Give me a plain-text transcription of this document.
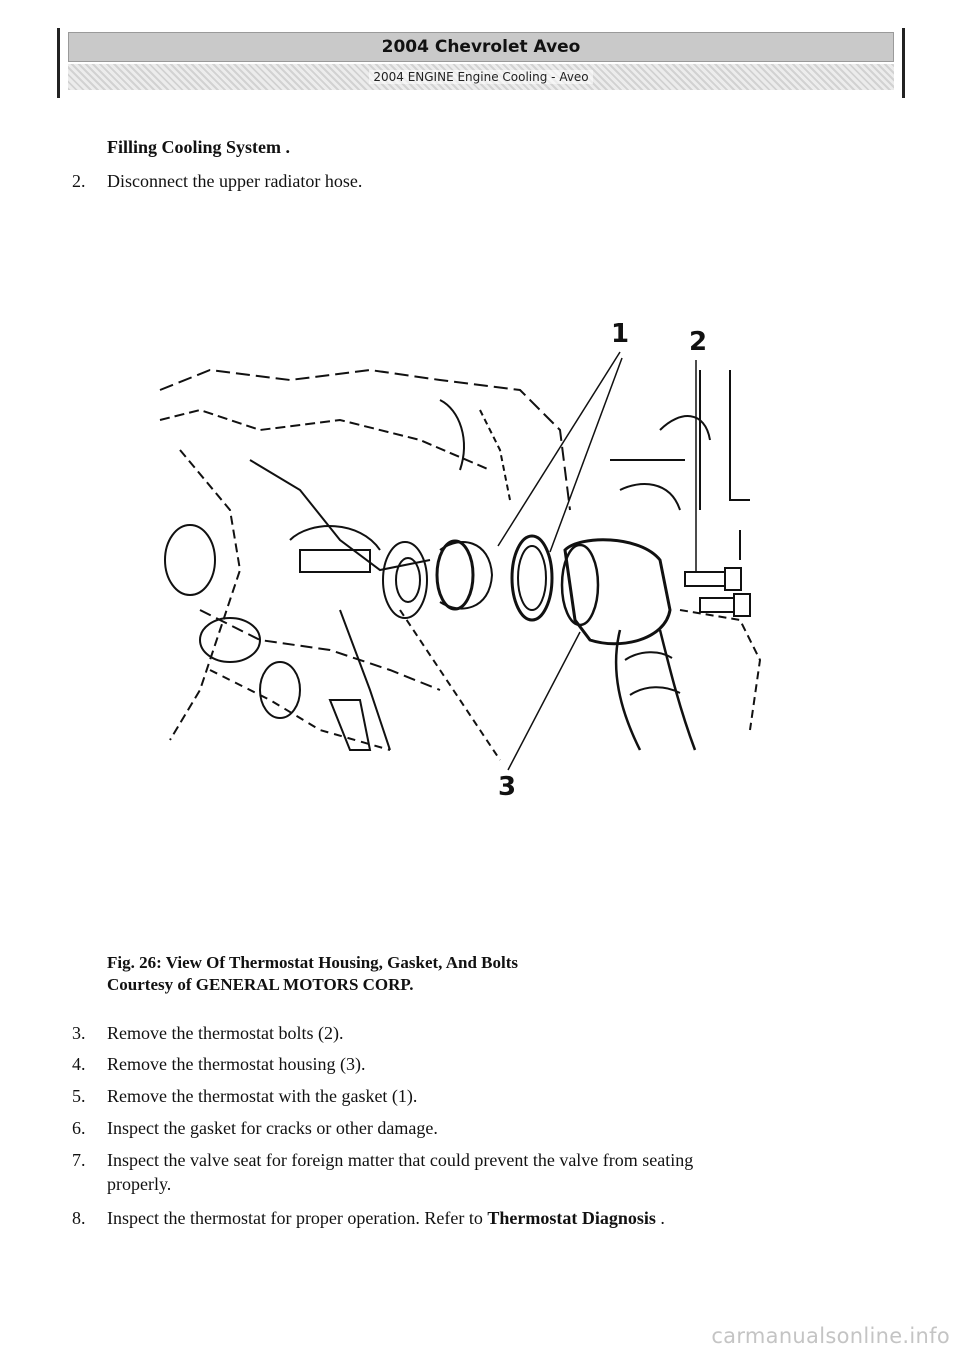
2004 Chevrolet Aveo
2004 ENGINE Engine Cooling - Aveo
Filling Cooling System .
2. Disconnect the upper radiator hose.
1 2
3
Fig. 26: View Of Thermostat Housing, Gasket, And Bolts
Courtesy of GENERAL MOTORS CORP.
3. Remove the thermostat bolts (2).
4. Remove the thermostat housing (3).
5. Remove the thermostat with the gasket (1).
6. Inspect the gasket for cracks or other damage.
7. Inspect the valve seat for foreign matter that could prevent the valve from seating
properly.
8. Inspect the thermostat for proper operation. Refer to Thermostat Diagnosis .
carmanualsonline.info
